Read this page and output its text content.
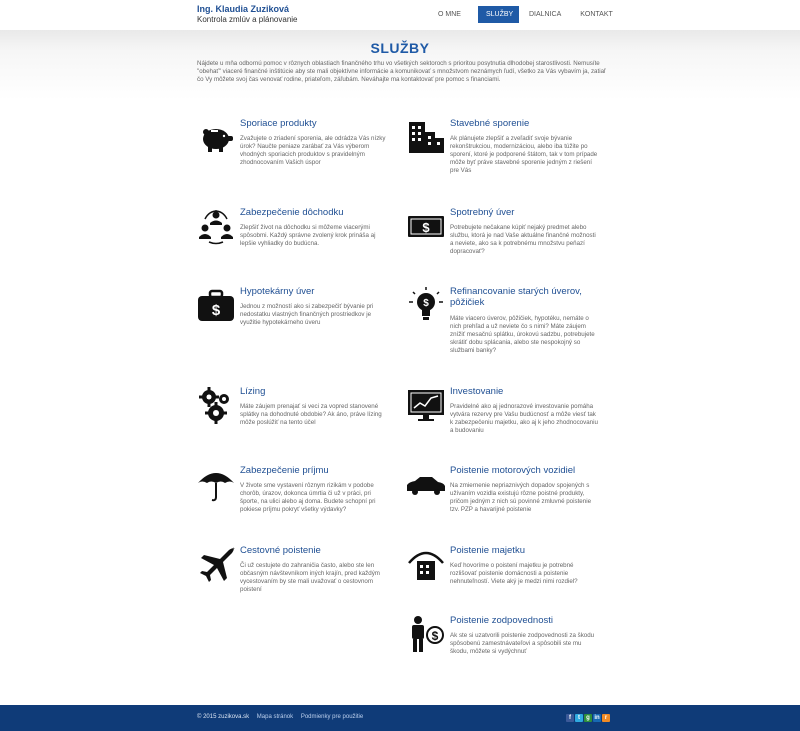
Ing. Klaudia Zuziková
Kontrola zmlúv a plánovanie
O MNE	SLUŽBY	DIALNICA	KONTAKT
SLUŽBY
Nájdete u mňa odbornú pomoc v rôznych oblastiach finančného trhu vo všetkých sektoroch s prioritou posytnutia dlhodobej starostlivosti. Nemusíte "obehať" viaceré finančné inštitúcie aby ste mali objektívne informácie a komunikovať s množstvom neznámych ľudí, všetko za Vás vybavím ja, zatiaľ čo Vy môžete svoj čas venovať rodine, priateľom, záľubám. Neváhajte ma kontaktovať pre pomoc s financiami.
Sporiace produkty
Zvažujete o zriadení sporenia, ale odrádza Vás nízky úrok? Naučte peniaze zarábať za Vás výberom vhodných sporiacich produktov s pravidelným zhodnocovaním Vašich úspor
Stavebné sporenie
Ak plánujete zlepšiť a zveľadiť svoje bývanie rekonštrukciou, modernizáciou, alebo iba túžite po sporení, ktoré je podporené štátom, tak v tom prípade môže byť práve stavebné sporenie jedným z riešení pre Vás
Zabezpečenie dôchodku
Zlepšiť život na dôchodku si môžeme viacerými spôsobmi. Každý správne zvolený krok prináša aj lepšie vyhliadky do budúcna.
$
Spotrebný úver
Potrebujete nečakane kúpiť nejaký predmet alebo službu, ktorá je nad Vaše aktuálne finančné možnosti a neviete, ako sa k potrebnému množstvu peňazí dopracovať?
$
Hypotekárny úver
Jednou z možností ako si zabezpečiť bývanie pri nedostatku vlastných finančných prostriedkov je využitie hypotekárneho úveru
$
Refinancovanie starých úverov, pôžičiek
Máte viacero úverov, pôžičiek, hypotéku, nemáte o nich prehľad a už neviete čo s nimi? Máte záujem znížiť mesačnú splátku, úrokovú sadzbu, potrebujete skrátiť dobu splácania, alebo ste nespokojný so službami banky?
Lízing
Máte záujem prenajať si veci za vopred stanovené splátky na dohodnuté obdobie? Ak áno, práve lízing môže poslúžiť na tento účel
Investovanie
Pravidelné ako aj jednorazové investovanie pomáha vytvára rezervy pre Vašu budúcnosť a môže viesť tak k zabezpečeniu majetku, ako aj k jeho zhodnocovaniu a budovaniu
Zabezpečenie príjmu
V živote sme vystavení rôznym rizikám v podobe chorôb, úrazov, dokonca úmrtia či už v práci, pri športe, na ulici alebo aj doma. Budete schopní pri pokiese príjmu pokryť všetky výdavky?
Poistenie motorových vozidiel
Na zmiernenie nepriaznivých dopadov spojených s užívaním vozidla existujú rôzne poistné produkty, pričom jedným z nich sú povinné zmluvné poistenie tzv. PZP a havarijné poistenie
Cestovné poistenie
Či už cestujete do zahraničia často, alebo ste len občasným návštevníkom iných krajín, pred každým vycestovaním by ste mali uvažovať o cestovnom poistení
Poistenie majetku
Keď hovoríme o poistení majetku je potrebné rozlišovať poistenie domácnosti a poistenie nehnuteľností. Viete aký je medzi nimi rozdiel?
$
Poistenie zodpovednosti
Ak ste si uzatvorili poistenie zodpovednosti za škodu spôsobenú zamestnávateľovi a spôsobili ste mu škodu, môžete si vydýchnuť
© 2015 zuzikova.sk Mapa stránok Podmienky pre použitie	f	t	g in r
